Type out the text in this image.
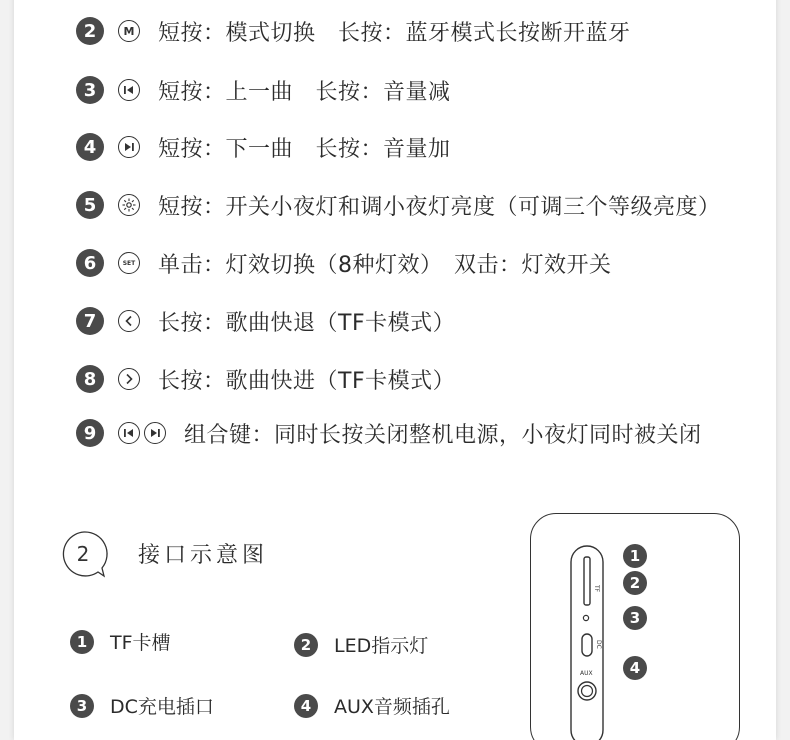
2	M 短按：模式切换　长按：蓝牙模式长按断开蓝牙
3	短按：上一曲　长按：音量减
4	短按：下一曲　长按：音量加
5	短按：开关小夜灯和调小夜灯亮度（可调三个等级亮度）
6	SET 单击：灯效切换（8种灯效）　双击：灯效开关
7	长按：歌曲快退（TF卡模式）
8	长按：歌曲快进（TF卡模式）
9	组合键：同时长按关闭整机电源，小夜灯同时被关闭
2 接口示意图
1	TF卡槽	2	LED指示灯
3	DC充电插口	4	AUX音频插孔
TF
DC
AUX
1
2
3
4
